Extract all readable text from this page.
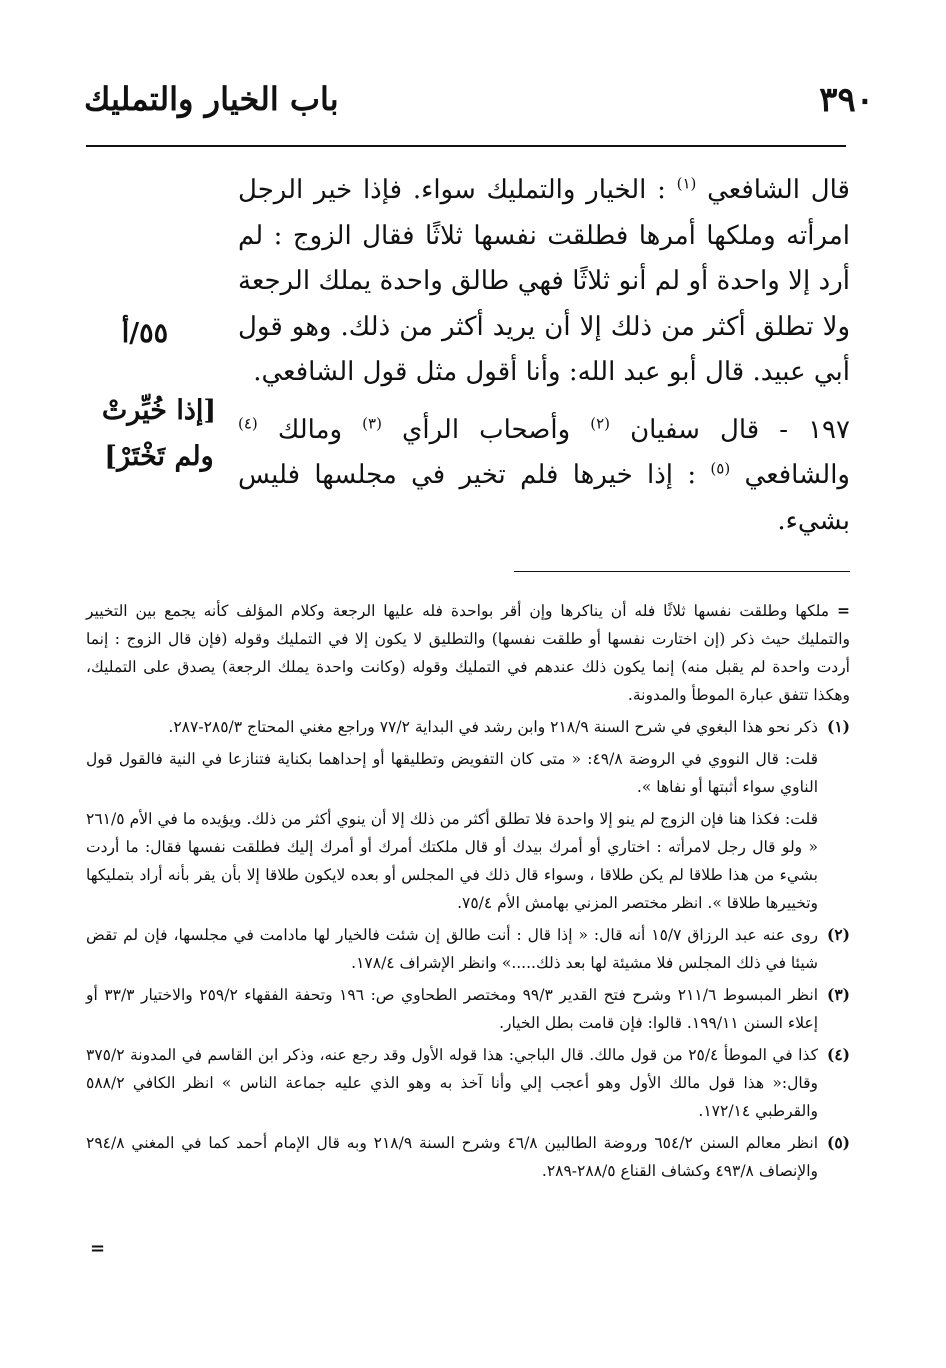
٣٩٠
باب الخيار والتمليك

قال الشافعي $^{(١)}$ : الخيار والتمليك سواء. فإذا خير الرجل امرأته وملكها أمرها فطلقت نفسها ثلاثًا فقال الزوج : لم أرد إلا واحدة أو لم أنو ثلاثًا فهي طالق واحدة يملك الرجعة ولا تطلق أكثر من ذلك إلا أن يريد أكثر من ذلك. وهو قول أبي عبيد. قال أبو عبد الله: وأنا أقول مثل قول الشافعي.

١٩٧ - قال سفيان $^{(٢)}$ وأصحاب الرأي $^{(٣)}$ ومالك $^{(٤)}$ والشافعي $^{(٥)}$ : إذا خيرها فلم تخير في مجلسها فليس بشيء.

٥٥/أ
[إذا خُيِّرتْ
ولم تَخْتَرْ]

= ملكها وطلقت نفسها ثلاثًا فله أن يناكرها وإن أقر بواحدة فله عليها الرجعة وكلام المؤلف كأنه يجمع بين التخيير والتمليك حيث ذكر (إن اختارت نفسها أو طلقت نفسها) والتطليق لا يكون إلا في التمليك وقوله (فإن قال الزوج : إنما أردت واحدة لم يقبل منه) إنما يكون ذلك عندهم في التمليك وقوله (وكانت واحدة يملك الرجعة) يصدق على التمليك، وهكذا تتفق عبارة الموطأ والمدونة.

(١)
ذكر نحو هذا البغوي في شرح السنة ٢١٨/٩ وابن رشد في البداية ٧٧/٢ وراجع مغني المحتاج ٢٨٥/٣-٢٨٧.

قلت: قال النووي في الروضة ٤٩/٨: « متى كان التفويض وتطليقها أو إحداهما بكناية فتنازعا في النية فالقول قول الناوي سواء أثبتها أو نفاها ».

قلت: فكذا هنا فإن الزوج لم ينو إلا واحدة فلا تطلق أكثر من ذلك إلا أن ينوي أكثر من ذلك. ويؤيده ما في الأم ٢٦١/٥ « ولو قال رجل لامرأته : اختاري أو أمرك بيدك أو قال ملكتك أمرك أو أمرك إليك فطلقت نفسها فقال: ما أردت بشيء من هذا طلاقا لم يكن طلاقا ، وسواء قال ذلك في المجلس أو بعده لايكون طلاقا إلا بأن يقر بأنه أراد بتمليكها وتخييرها طلاقا ». انظر مختصر المزني بهامش الأم ٧٥/٤.

(٢)
روى عنه عبد الرزاق ١٥/٧ أنه قال: « إذا قال : أنت طالق إن شئت فالخيار لها مادامت في مجلسها، فإن لم تقض شيئا في ذلك المجلس فلا مشيئة لها بعد ذلك.....» وانظر الإشراف ١٧٨/٤.

(٣)
انظر المبسوط ٢١١/٦ وشرح فتح القدير ٩٩/٣ ومختصر الطحاوي ص: ١٩٦ وتحفة الفقهاء ٢٥٩/٢ والاختيار ٣٣/٣ أو إعلاء السنن ١٩٩/١١. قالوا: فإن قامت بطل الخيار.

(٤)
كذا في الموطأ ٢٥/٤ من قول مالك. قال الباجي: هذا قوله الأول وقد رجع عنه، وذكر ابن القاسم في المدونة ٣٧٥/٢ وقال:« هذا قول مالك الأول وهو أعجب إلي وأنا آخذ به وهو الذي عليه جماعة الناس » انظر الكافي ٥٨٨/٢ والقرطبي ١٧٢/١٤.

(٥)
انظر معالم السنن ٦٥٤/٢ وروضة الطالبين ٤٦/٨ وشرح السنة ٢١٨/٩ وبه قال الإمام أحمد كما في المغني ٢٩٤/٨ والإنصاف ٤٩٣/٨ وكشاف القناع ٢٨٨/٥-٢٨٩.

=
